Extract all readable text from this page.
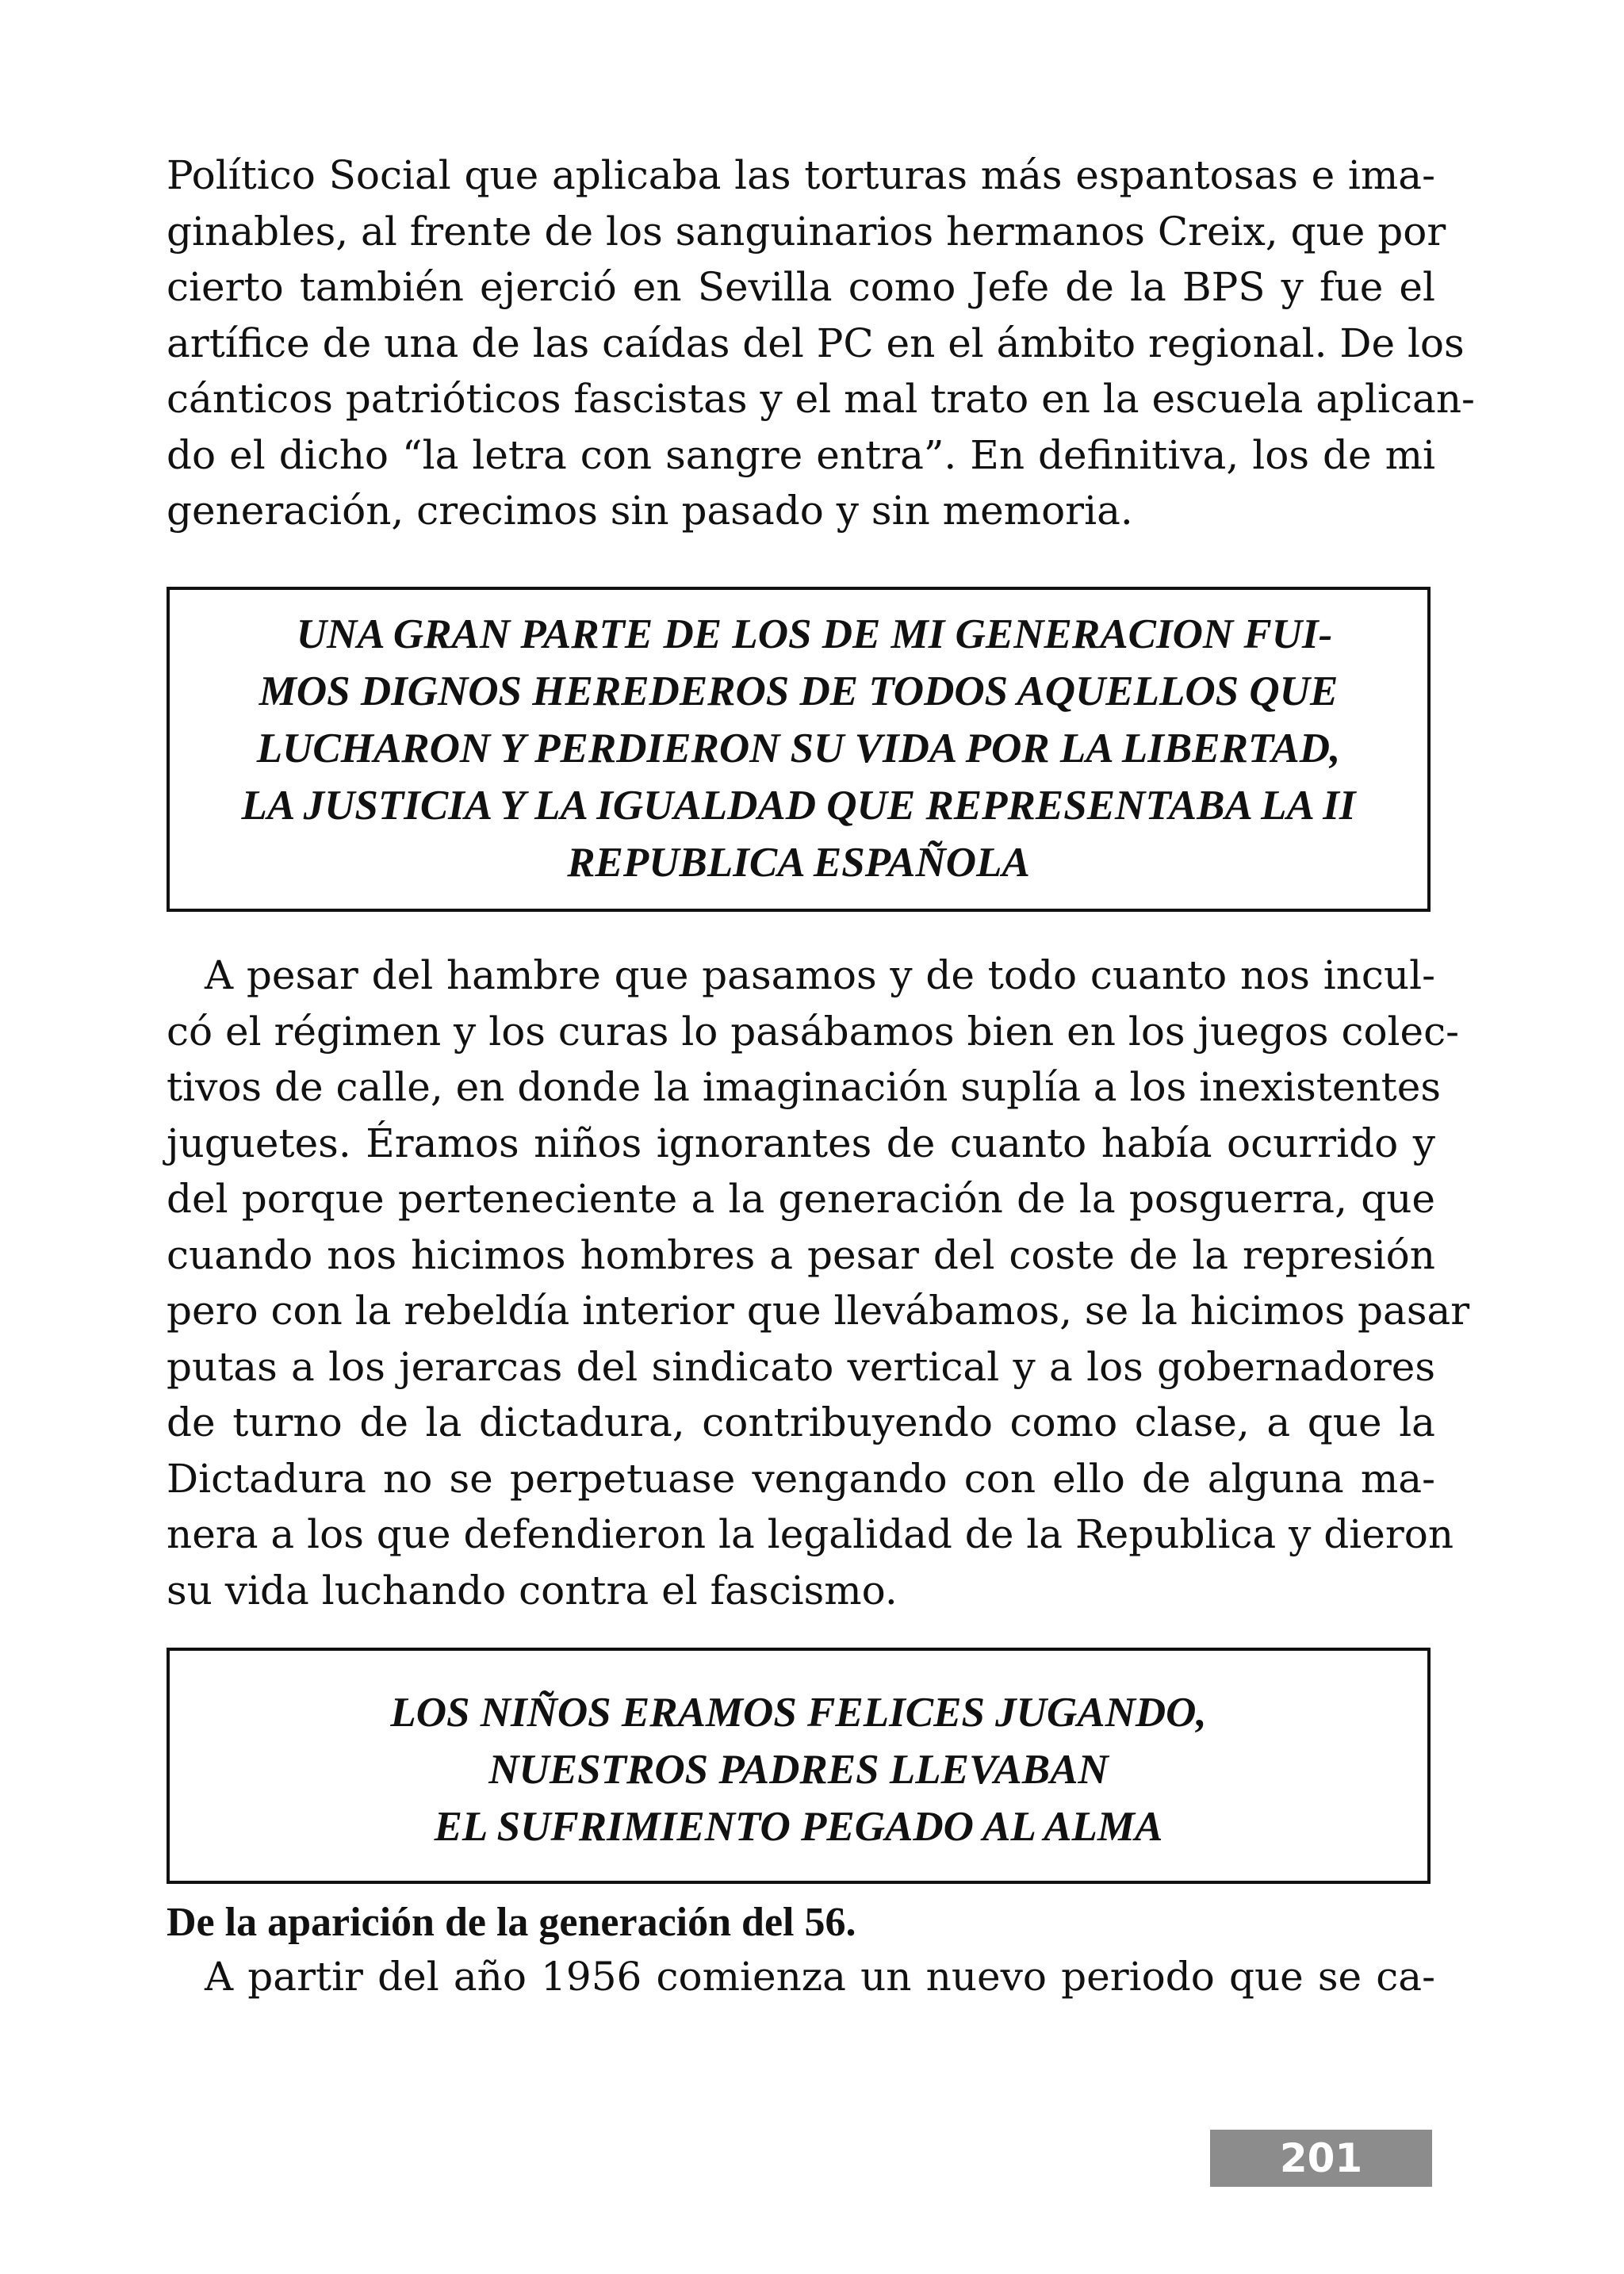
Político Social que aplicaba las torturas más espantosas e ima-
ginables, al frente de los sanguinarios hermanos Creix, que por
cierto también ejerció en Sevilla como Jefe de la BPS y fue el
artífice de una de las caídas del PC en el ámbito regional. De los
cánticos patrióticos fascistas y el mal trato en la escuela aplican-
do el dicho “la letra con sangre entra”. En definitiva, los de mi
generación, crecimos sin pasado y sin memoria.
UNA GRAN PARTE DE LOS DE MI GENERACION FUI-
MOS DIGNOS HEREDEROS DE TODOS AQUELLOS QUE
LUCHARON Y PERDIERON SU VIDA POR LA LIBERTAD,
LA JUSTICIA Y LA IGUALDAD QUE REPRESENTABA LA II
REPUBLICA ESPAÑOLA
A pesar del hambre que pasamos y de todo cuanto nos incul-
có el régimen y los curas lo pasábamos bien en los juegos colec-
tivos de calle, en donde la imaginación suplía a los inexistentes
juguetes. Éramos niños ignorantes de cuanto había ocurrido y
del porque perteneciente a la generación de la posguerra, que
cuando nos hicimos hombres a pesar del coste de la represión
pero con la rebeldía interior que llevábamos, se la hicimos pasar
putas a los jerarcas del sindicato vertical y a los gobernadores
de turno de la dictadura, contribuyendo como clase, a que la
Dictadura no se perpetuase vengando con ello de alguna ma-
nera a los que defendieron la legalidad de la Republica y dieron
su vida luchando contra el fascismo.
LOS NIÑOS ERAMOS FELICES JUGANDO,
NUESTROS PADRES LLEVABAN
EL SUFRIMIENTO PEGADO AL ALMA
De la aparición de la generación del 56.
A partir del año 1956 comienza un nuevo periodo que se ca-
201
